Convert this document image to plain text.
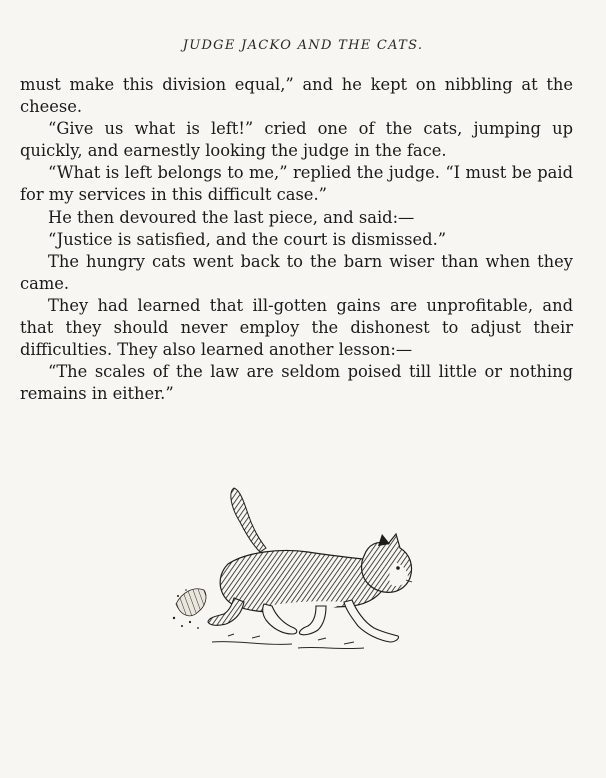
JUDGE JACKO AND THE CATS.

must make this division equal,” and he kept on nibbling at the cheese.

“Give us what is left!” cried one of the cats, jumping up quickly, and earnestly looking the judge in the face.

“What is left belongs to me,” replied the judge. “I must be paid for my services in this difficult case.”

He then devoured the last piece, and said:—

“Justice is satisfied, and the court is dismissed.”

The hungry cats went back to the barn wiser than when they came.

They had learned that ill-gotten gains are unprofitable, and that they should never employ the dishonest to adjust their difficulties. They also learned another lesson:—

“The scales of the law are seldom poised till little or nothing remains in either.”
